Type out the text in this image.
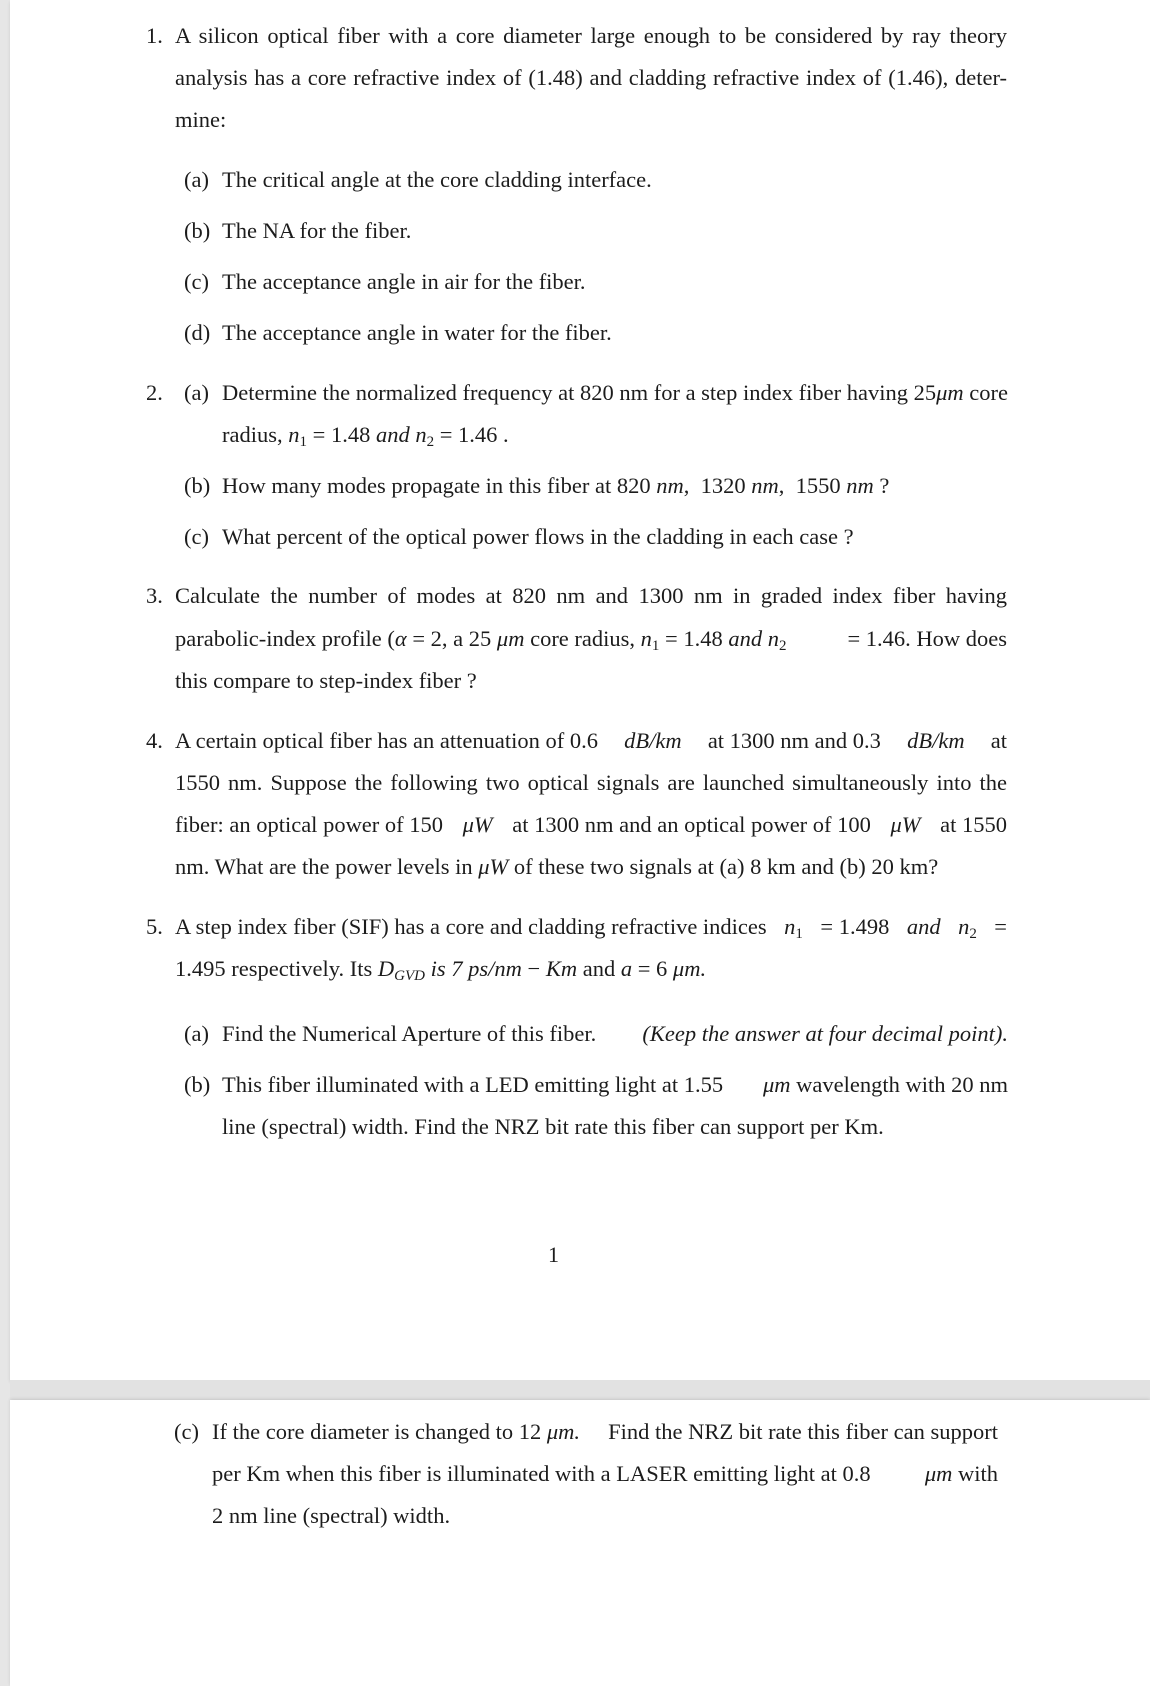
1. A silicon optical fiber with a core diameter large enough to be considered by ray theory
analysis has a core refractive index of (1.48) and cladding refractive index of (1.46), deter-
mine:
(a) The critical angle at the core cladding interface.
(b) The NA for the fiber.
(c) The acceptance angle in air for the fiber.
(d) The acceptance angle in water for the fiber.
2. (a) Determine the normalized frequency at 820 nm for a step index fiber having 25 μm core
radius, $n_1 = 1.48$ and $n_2 = 1.46$ .
(b) How many modes propagate in this fiber at 820 nm,  1320 nm,  1550 nm ?
(c) What percent of the optical power flows in the cladding in each case ?
3. Calculate the number of modes at 820 nm and 1300 nm in graded index fiber having
parabolic-index profile (α = 2, a 25 μm core radius, $n_1 = 1.48$ and $n_2$	= 1.46. How does
this compare to step-index fiber ?
4. A certain optical fiber has an attenuation of 0.6 dB/km at 1300 nm and 0.3 dB/km at
1550 nm. Suppose the following two optical signals are launched simultaneously into the
fiber: an optical power of 150 μW at 1300 nm and an optical power of 100 μW at 1550
nm. What are the power levels in μW of these two signals at (a) 8 km and (b) 20 km?
5. A step index fiber (SIF) has a core and cladding refractive indices $n_1 = 1.498$ and $n_2$ =
1.495 respectively. Its DGVD is 7 ps/nm − Km and a = 6 μm.
(a) Find the Numerical Aperture of this fiber. (Keep the answer at four decimal point).
(b) This fiber illuminated with a LED emitting light at 1.55 μm wavelength with 20 nm
line (spectral) width. Find the NRZ bit rate this fiber can support per Km.
1
(c) If the core diameter is changed to 12 μm. Find the NRZ bit rate this fiber can support
per Km when this fiber is illuminated with a LASER emitting light at 0.8 μm with
2 nm line (spectral) width.
